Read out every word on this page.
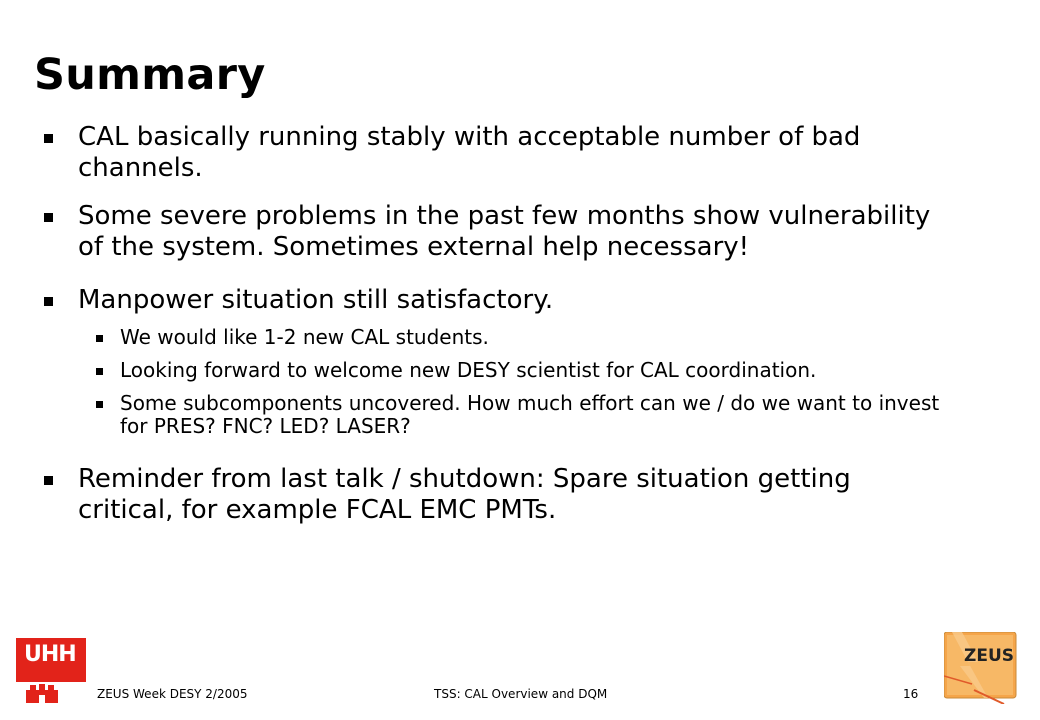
Summary
CAL basically running stably with acceptable number of bad channels.
Some severe problems in the past few months show vulnerability of the system. Sometimes external help necessary!
Manpower situation still satisfactory.
We would like 1-2 new CAL students.
Looking forward to welcome new DESY scientist for CAL coordination.
Some subcomponents uncovered. How much effort can we / do we want to invest for PRES? FNC? LED? LASER?
Reminder from last talk / shutdown: Spare situation getting critical, for example FCAL EMC PMTs.
UHH
ZEUS Week DESY 2/2005	TSS: CAL Overview and DQM	16
ZEUS
